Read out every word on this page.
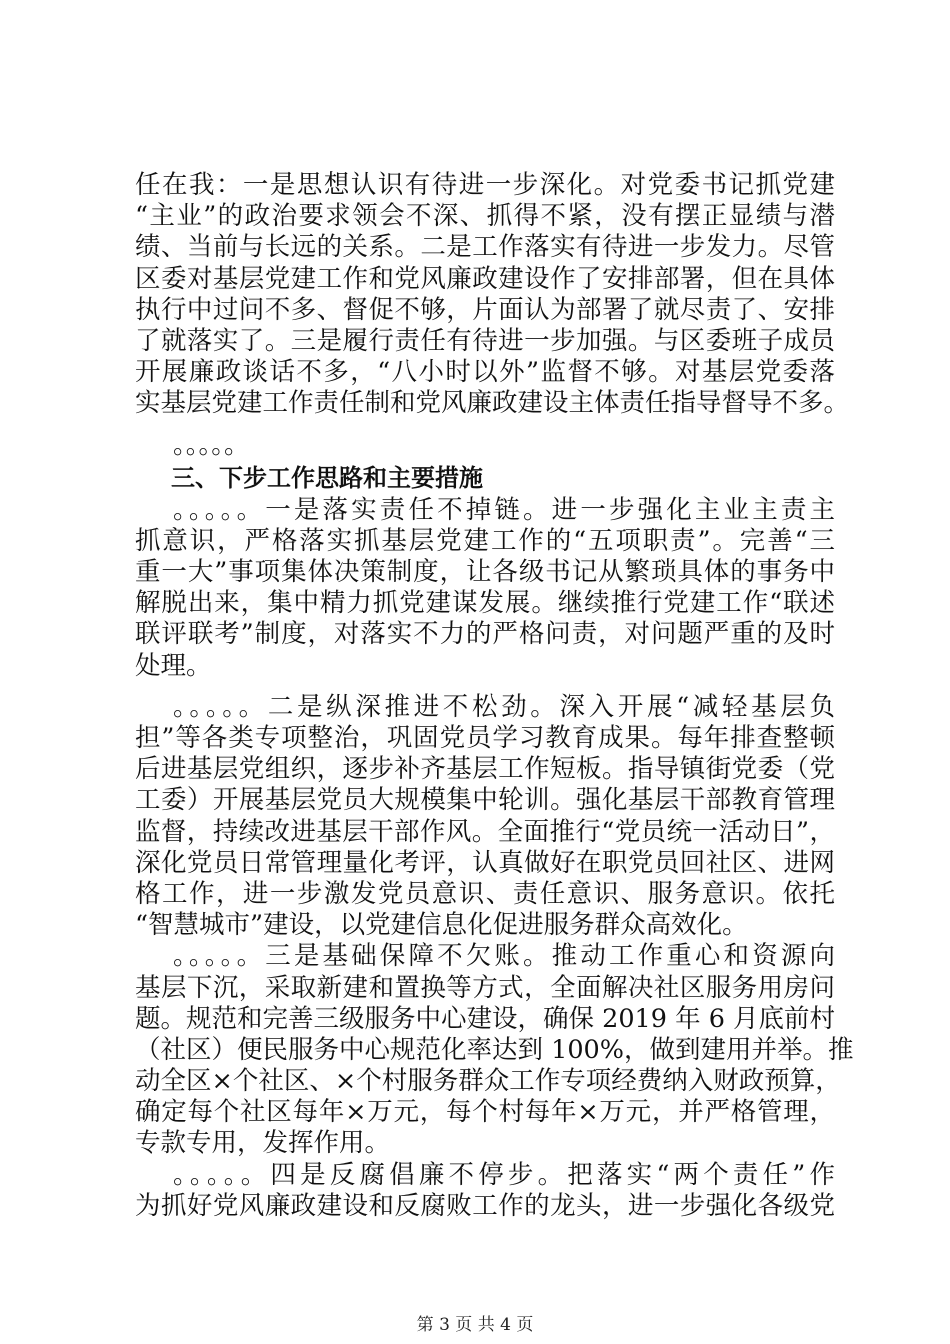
任在我：一是思想认识有待进一步深化。对党委书记抓党建
“主业”的政治要求领会不深、抓得不紧，没有摆正显绩与潜
绩、当前与长远的关系。二是工作落实有待进一步发力。尽管
区委对基层党建工作和党风廉政建设作了安排部署，但在具体
执行中过问不多、督促不够，片面认为部署了就尽责了、安排
了就落实了。三是履行责任有待进一步加强。与区委班子成员
开展廉政谈话不多，“八小时以外”监督不够。对基层党委落
实基层党建工作责任制和党风廉政建设主体责任指导督导不多。
。。。。。
三、下步工作思路和主要措施
。。。。。一是落实责任不掉链。进一步强化主业主责主
抓意识，严格落实抓基层党建工作的“五项职责”。完善“三
重一大”事项集体决策制度，让各级书记从繁琐具体的事务中
解脱出来，集中精力抓党建谋发展。继续推行党建工作“联述
联评联考”制度，对落实不力的严格问责，对问题严重的及时
处理。
。。。。。二是纵深推进不松劲。深入开展“减轻基层负
担”等各类专项整治，巩固党员学习教育成果。每年排查整顿
后进基层党组织，逐步补齐基层工作短板。指导镇街党委（党
工委）开展基层党员大规模集中轮训。强化基层干部教育管理
监督，持续改进基层干部作风。全面推行“党员统一活动日”，
深化党员日常管理量化考评，认真做好在职党员回社区、进网
格工作，进一步激发党员意识、责任意识、服务意识。依托
“智慧城市”建设，以党建信息化促进服务群众高效化。
。。。。。三是基础保障不欠账。推动工作重心和资源向
基层下沉，采取新建和置换等方式，全面解决社区服务用房问
题。规范和完善三级服务中心建设，确保 2019 年 6 月底前村
（社区）便民服务中心规范化率达到 100%，做到建用并举。推
动全区×个社区、×个村服务群众工作专项经费纳入财政预算，
确定每个社区每年×万元，每个村每年×万元，并严格管理，
专款专用，发挥作用。
。。。。。四是反腐倡廉不停步。把落实“两个责任”作
为抓好党风廉政建设和反腐败工作的龙头，进一步强化各级党
第 3 页 共 4 页
